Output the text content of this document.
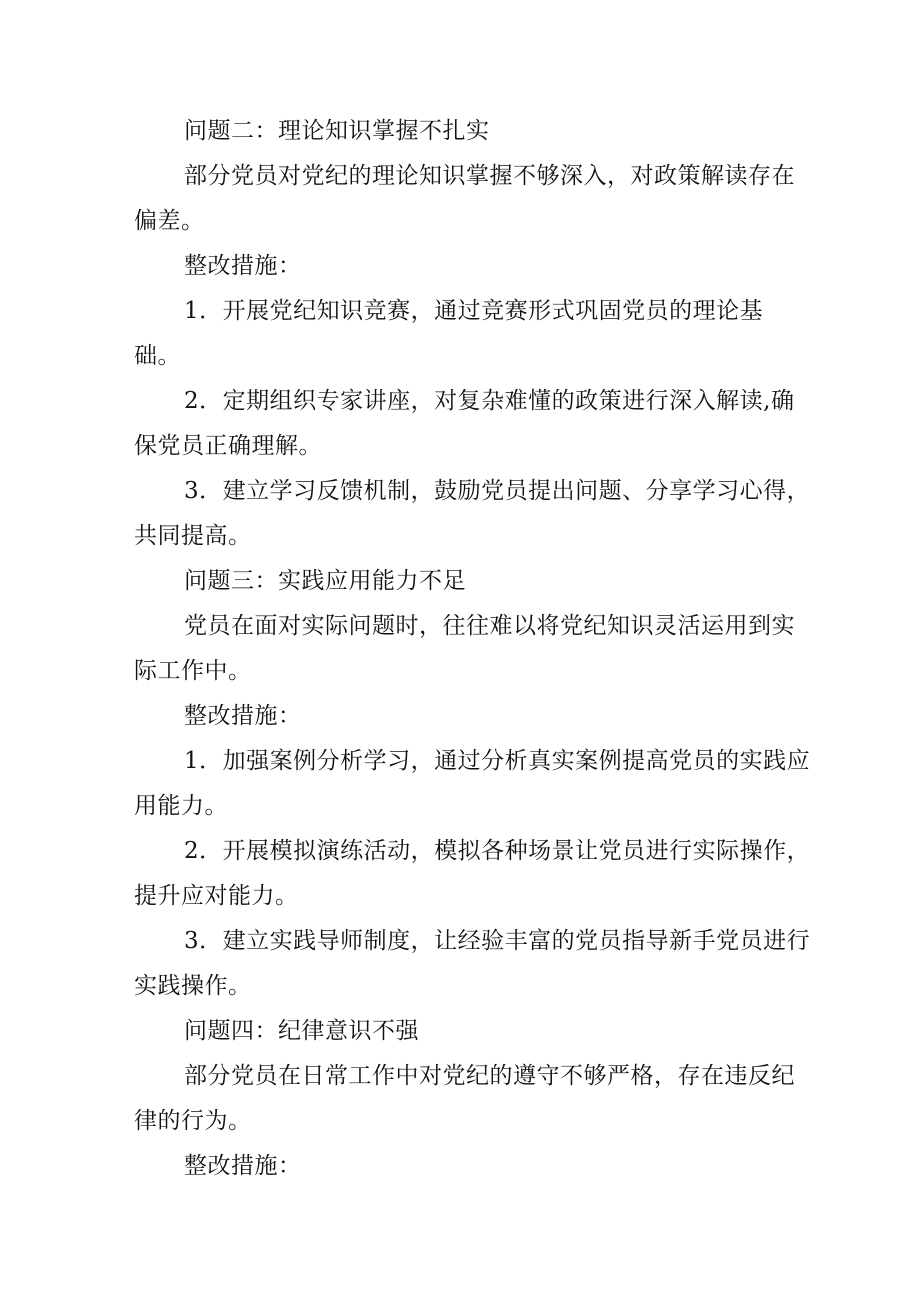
问题二：理论知识掌握不扎实
部分党员对党纪的理论知识掌握不够深入，对政策解读存在
偏差。
整改措施：
1．开展党纪知识竞赛，通过竞赛形式巩固党员的理论基
础。
2．定期组织专家讲座，对复杂难懂的政策进行深入解读,确
保党员正确理解。
3．建立学习反馈机制，鼓励党员提出问题、分享学习心得，
共同提高。
问题三：实践应用能力不足
党员在面对实际问题时，往往难以将党纪知识灵活运用到实
际工作中。
整改措施：
1．加强案例分析学习，通过分析真实案例提高党员的实践应
用能力。
2．开展模拟演练活动，模拟各种场景让党员进行实际操作，
提升应对能力。
3．建立实践导师制度，让经验丰富的党员指导新手党员进行
实践操作。
问题四：纪律意识不强
部分党员在日常工作中对党纪的遵守不够严格，存在违反纪
律的行为。
整改措施：
